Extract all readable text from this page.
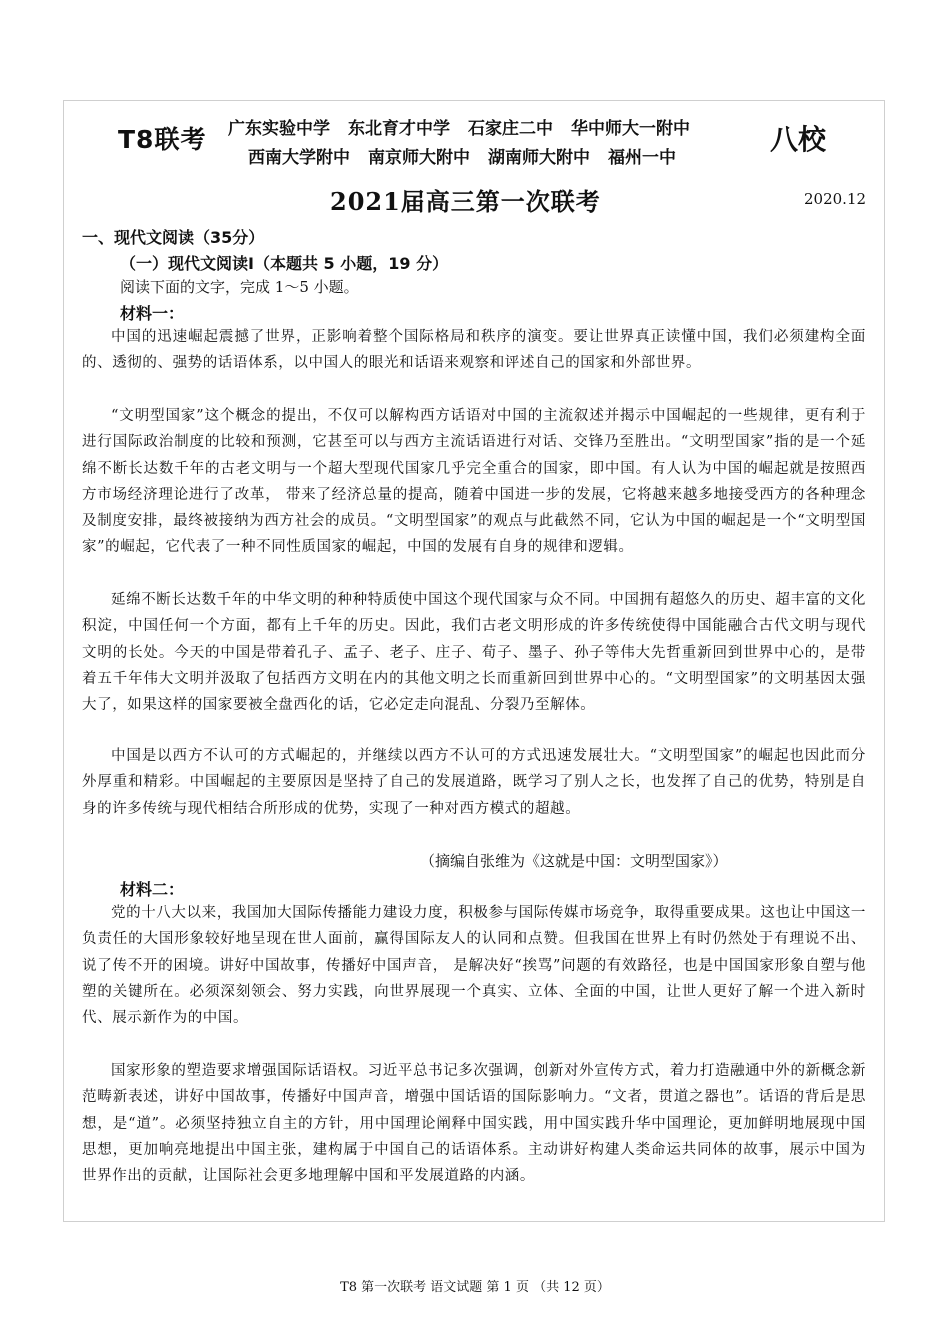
T8联考 广东实验中学 东北育才中学 石家庄二中 华中师大一附中
西南大学附中 南京师大附中 湖南师大附中 福州一中
八校
2021届高三第一次联考	2020.12
一、现代文阅读（35分）
（一）现代文阅读Ⅰ（本题共 5 小题，19 分）
阅读下面的文字，完成 1～5 小题。
材料一：

中国的迅速崛起震撼了世界，正影响着整个国际格局和秩序的演变。要让世界真正读懂中国，我们必须建构全面的、透彻的、强势的话语体系，以中国人的眼光和话语来观察和评述自己的国家和外部世界。

“文明型国家”这个概念的提出，不仅可以解构西方话语对中国的主流叙述并揭示中国崛起的一些规律，更有利于进行国际政治制度的比较和预测，它甚至可以与西方主流话语进行对话、交锋乃至胜出。“文明型国家”指的是一个延绵不断长达数千年的古老文明与一个超大型现代国家几乎完全重合的国家，即中国。有人认为中国的崛起就是按照西方市场经济理论进行了改革， 带来了经济总量的提高，随着中国进一步的发展，它将越来越多地接受西方的各种理念及制度安排，最终被接纳为西方社会的成员。“文明型国家”的观点与此截然不同，它认为中国的崛起是一个“文明型国家”的崛起，它代表了一种不同性质国家的崛起，中国的发展有自身的规律和逻辑。

延绵不断长达数千年的中华文明的种种特质使中国这个现代国家与众不同。中国拥有超悠久的历史、超丰富的文化积淀，中国任何一个方面，都有上千年的历史。因此，我们古老文明形成的许多传统使得中国能融合古代文明与现代文明的长处。今天的中国是带着孔子、孟子、老子、庄子、荀子、墨子、孙子等伟大先哲重新回到世界中心的，是带着五千年伟大文明并汲取了包括西方文明在内的其他文明之长而重新回到世界中心的。“文明型国家”的文明基因太强大了，如果这样的国家要被全盘西化的话，它必定走向混乱、分裂乃至解体。

中国是以西方不认可的方式崛起的，并继续以西方不认可的方式迅速发展壮大。“文明型国家”的崛起也因此而分外厚重和精彩。中国崛起的主要原因是坚持了自己的发展道路，既学习了别人之长，也发挥了自己的优势，特别是自身的许多传统与现代相结合所形成的优势，实现了一种对西方模式的超越。

（摘编自张维为《这就是中国：文明型国家》）
材料二：

党的十八大以来，我国加大国际传播能力建设力度，积极参与国际传媒市场竞争，取得重要成果。这也让中国这一负责任的大国形象较好地呈现在世人面前，赢得国际友人的认同和点赞。但我国在世界上有时仍然处于有理说不出、说了传不开的困境。讲好中国故事，传播好中国声音， 是解决好“挨骂”问题的有效路径，也是中国国家形象自塑与他塑的关键所在。必须深刻领会、努力实践，向世界展现一个真实、立体、全面的中国，让世人更好了解一个进入新时代、展示新作为的中国。

国家形象的塑造要求增强国际话语权。习近平总书记多次强调，创新对外宣传方式，着力打造融通中外的新概念新范畴新表述，讲好中国故事，传播好中国声音，增强中国话语的国际影响力。“文者，贯道之器也”。话语的背后是思想，是“道”。必须坚持独立自主的方针，用中国理论阐释中国实践，用中国实践升华中国理论，更加鲜明地展现中国思想，更加响亮地提出中国主张，建构属于中国自己的话语体系。主动讲好构建人类命运共同体的故事，展示中国为世界作出的贡献，让国际社会更多地理解中国和平发展道路的内涵。

T8 第一次联考 语文试题 第 1 页 （共 12 页）
